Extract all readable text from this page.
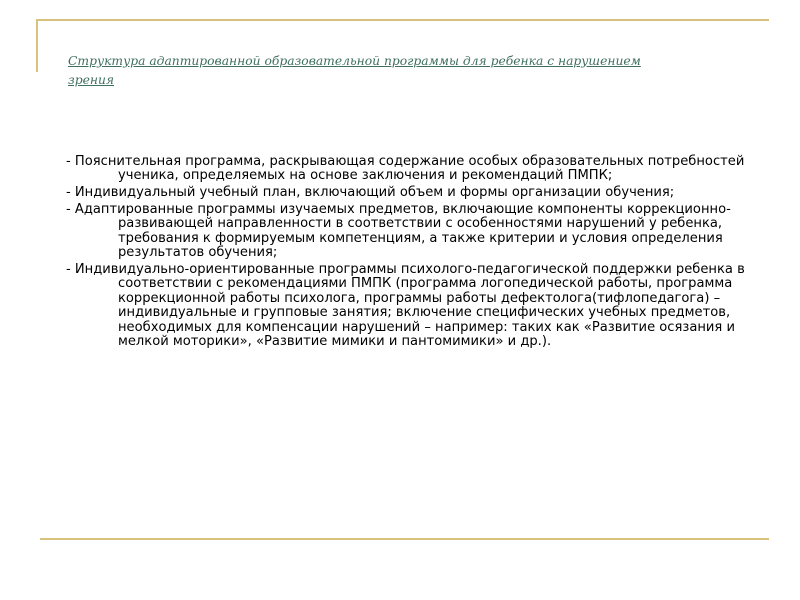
Структура адаптированной образовательной программы для ребенка с нарушением зрения
- Пояснительная программа, раскрывающая содержание особых образовательных потребностей ученика, определяемых на основе заключения и рекомендаций ПМПК;
- Индивидуальный учебный план, включающий объем и формы организации обучения;
- Адаптированные программы изучаемых предметов, включающие компоненты коррекционно-развивающей направленности в соответствии с особенностями нарушений у ребенка, требования к формируемым компетенциям, а также критерии и условия определения результатов обучения;
- Индивидуально-ориентированные программы психолого-педагогической поддержки ребенка в соответствии с рекомендациями ПМПК (программа логопедической работы, программа коррекционной работы психолога, программы работы дефектолога(тифлопедагога) – индивидуальные и групповые занятия; включение специфических учебных предметов, необходимых для компенсации нарушений – например: таких как «Развитие осязания и мелкой моторики», «Развитие мимики и пантомимики» и др.).
